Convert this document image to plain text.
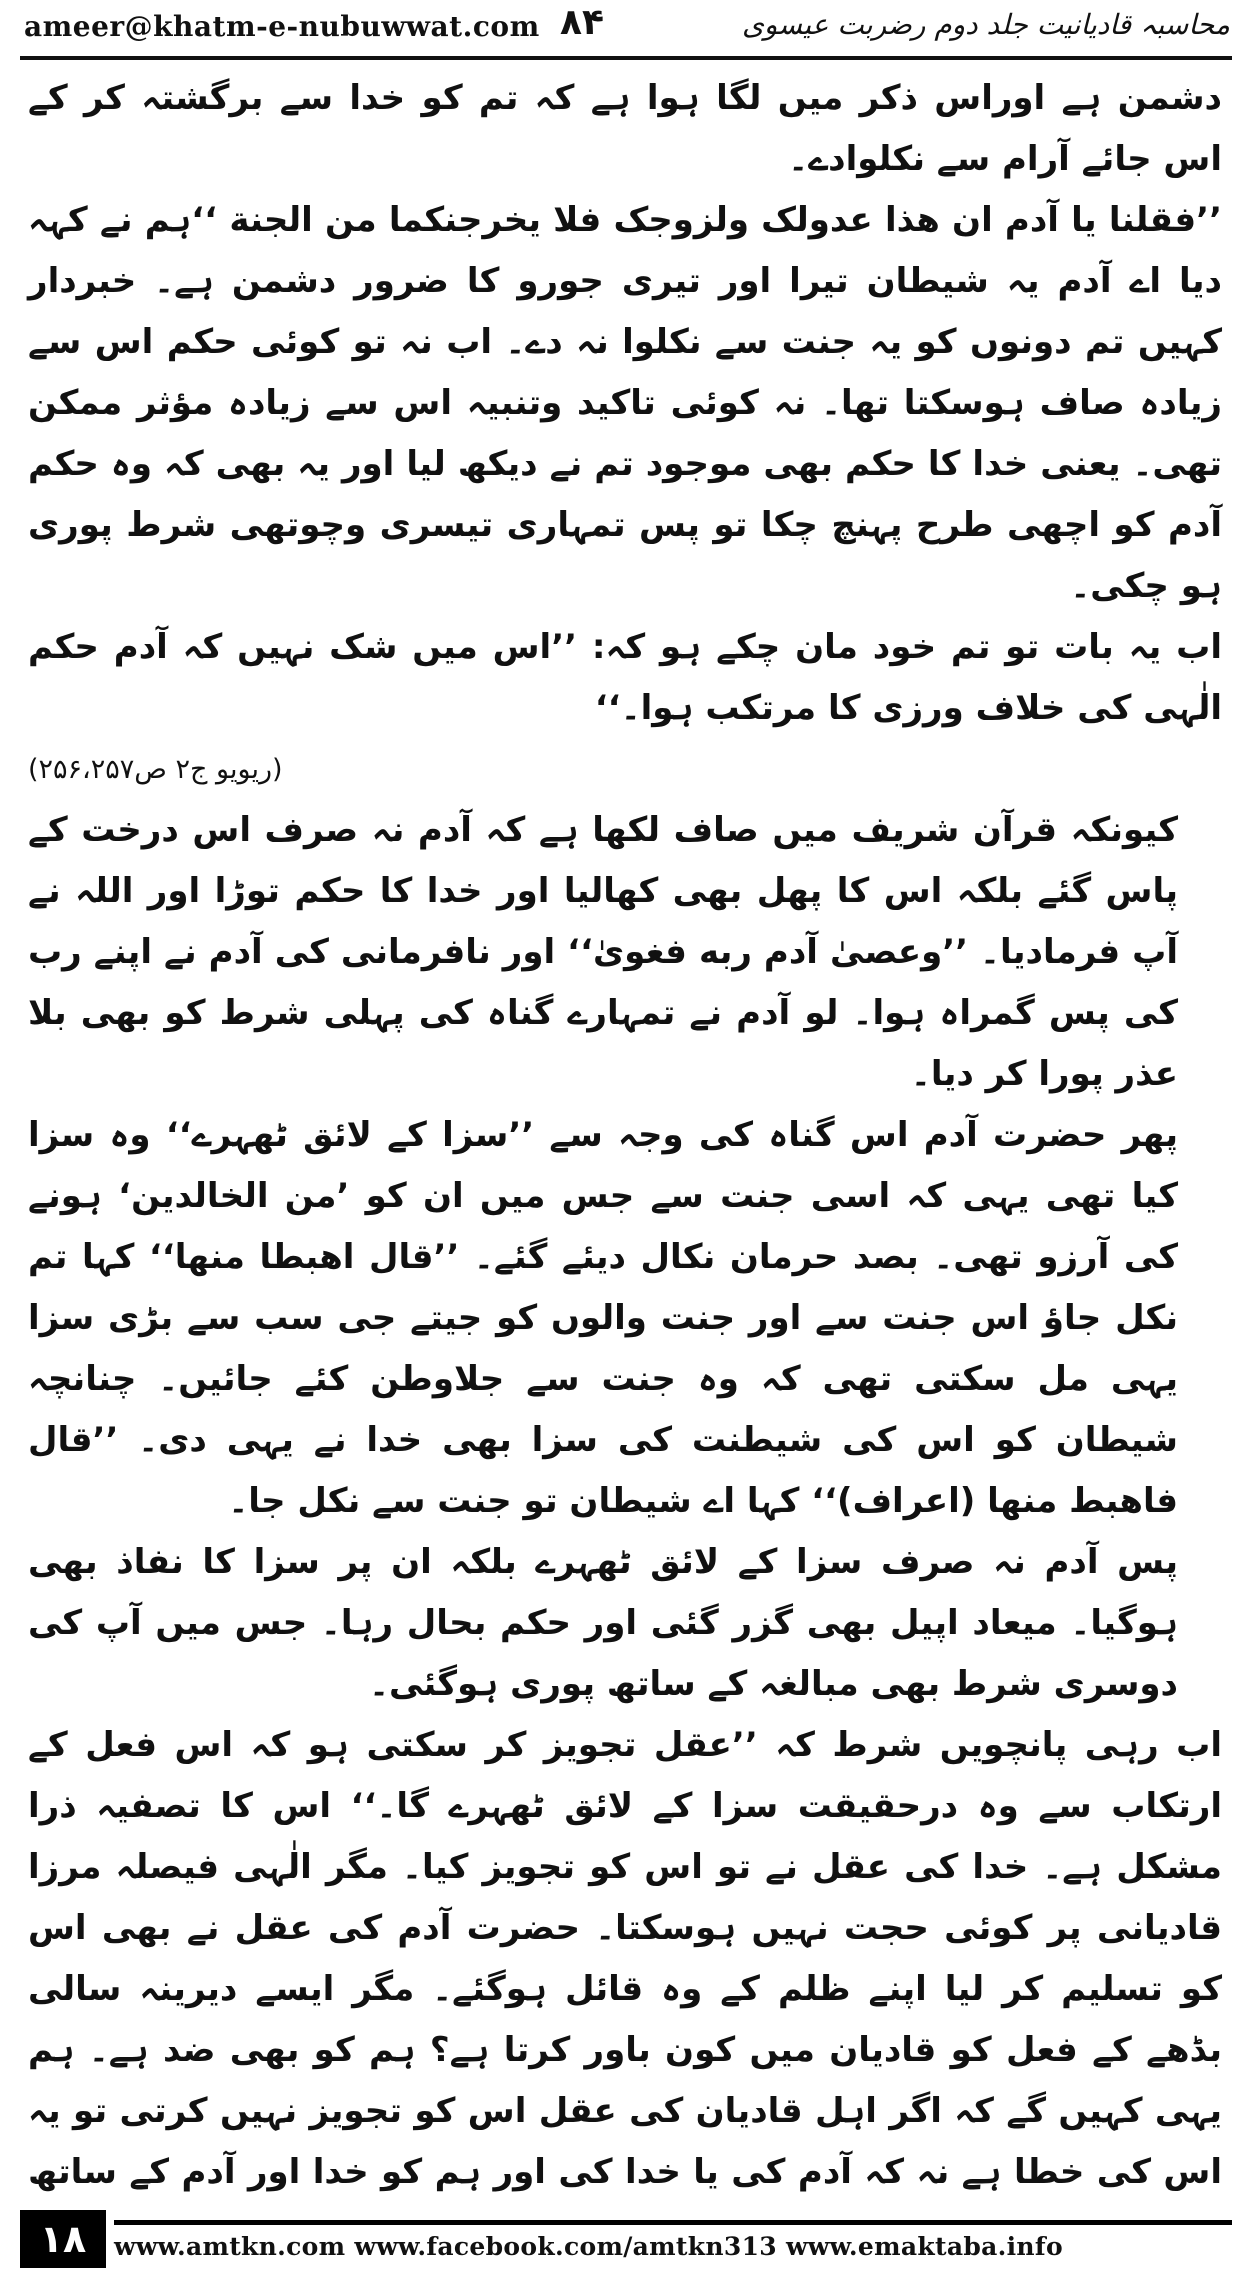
ameer@khatm-e-nubuwwat.com ۸۴	محاسبہ قادیانیت جلد دوم رضربت عیسوی

دشمن ہے اوراس ذکر میں لگا ہوا ہے کہ تم کو خدا سے برگشتہ کر کے اس جائے آرام سے نکلوادے۔

’’فقلنا یا آدم ان هذا عدولک ولزوجک فلا یخرجنکما من الجنة ‘‘ہم نے کہہ دیا اے آدم یہ شیطان تیرا اور تیری جورو کا ضرور دشمن ہے۔ خبردار کہیں تم دونوں کو یہ جنت سے نکلوا نہ دے۔ اب نہ تو کوئی حکم اس سے زیادہ صاف ہوسکتا تھا۔ نہ کوئی تاکید وتنبیہ اس سے زیادہ مؤثر ممکن تھی۔ یعنی خدا کا حکم بھی موجود تم نے دیکھ لیا اور یہ بھی کہ وہ حکم آدم کو اچھی طرح پہنچ چکا تو پس تمہاری تیسری وچوتھی شرط پوری ہو چکی۔

اب یہ بات تو تم خود مان چکے ہو کہ: ’’اس میں شک نہیں کہ آدم حکم الٰہی کی خلاف ورزی کا مرتکب ہوا۔‘‘

(ریویو ج۲ ص۲۵۶،۲۵۷)

کیونکہ قرآن شریف میں صاف لکھا ہے کہ آدم نہ صرف اس درخت کے پاس گئے بلکہ اس کا پھل بھی کھالیا اور خدا کا حکم توڑا اور اللہ نے آپ فرمادیا۔ ’’وعصیٰ آدم ربه فغویٰ‘‘ اور نافرمانی کی آدم نے اپنے رب کی پس گمراہ ہوا۔ لو آدم نے تمہارے گناہ کی پہلی شرط کو بھی بلا عذر پورا کر دیا۔

پھر حضرت آدم اس گناہ کی وجہ سے ’’سزا کے لائق ٹھہرے‘‘ وہ سزا کیا تھی یہی کہ اسی جنت سے جس میں ان کو ’من الخالدین‘ ہونے کی آرزو تھی۔ بصد حرمان نکال دیئے گئے۔ ’’قال اهبطا منها‘‘ کہا تم نکل جاؤ اس جنت سے اور جنت والوں کو جیتے جی سب سے بڑی سزا یہی مل سکتی تھی کہ وہ جنت سے جلاوطن کئے جائیں۔ چنانچہ شیطان کو اس کی شیطنت کی سزا بھی خدا نے یہی دی۔ ’’قال فاهبط منها (اعراف)‘‘ کہا اے شیطان تو جنت سے نکل جا۔

پس آدم نہ صرف سزا کے لائق ٹھہرے بلکہ ان پر سزا کا نفاذ بھی ہوگیا۔ میعاد اپیل بھی گزر گئی اور حکم بحال رہا۔ جس میں آپ کی دوسری شرط بھی مبالغہ کے ساتھ پوری ہوگئی۔

اب رہی پانچویں شرط کہ ’’عقل تجویز کر سکتی ہو کہ اس فعل کے ارتکاب سے وہ درحقیقت سزا کے لائق ٹھہرے گا۔‘‘ اس کا تصفیہ ذرا مشکل ہے۔ خدا کی عقل نے تو اس کو تجویز کیا۔ مگر الٰہی فیصلہ مرزا قادیانی پر کوئی حجت نہیں ہوسکتا۔ حضرت آدم کی عقل نے بھی اس کو تسلیم کر لیا اپنے ظلم کے وہ قائل ہوگئے۔ مگر ایسے دیرینہ سالی بڈھے کے فعل کو قادیان میں کون باور کرتا ہے؟ ہم کو بھی ضد ہے۔ ہم یہی کہیں گے کہ اگر اہل قادیان کی عقل اس کو تجویز نہیں کرتی تو یہ اس کی خطا ہے نہ کہ آدم کی یا خدا کی اور ہم کو خدا اور آدم کے ساتھ

۱۸	www.amtkn.com www.facebook.com/amtkn313 www.emaktaba.info
